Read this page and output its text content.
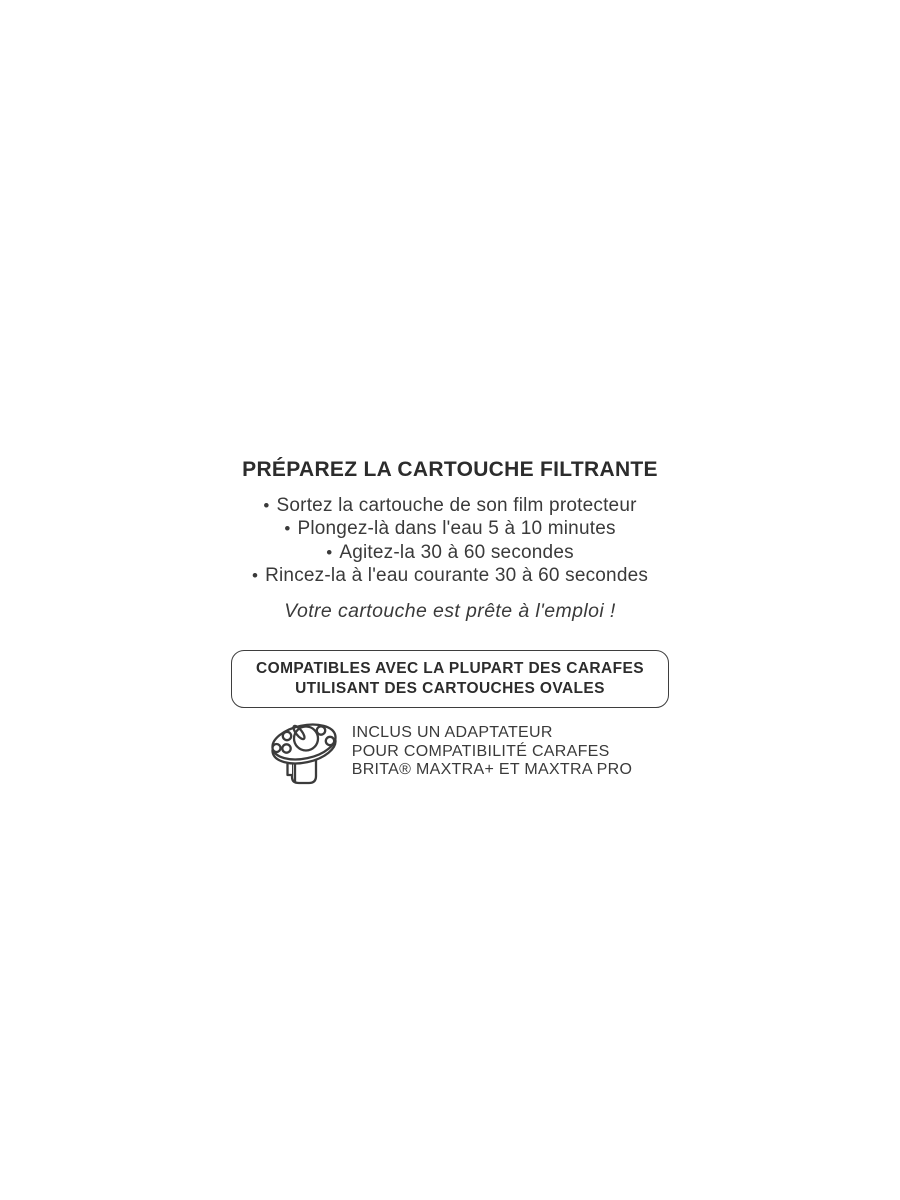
PRÉPAREZ LA CARTOUCHE FILTRANTE
• Sortez la cartouche de son film protecteur
• Plongez-là dans l'eau 5 à 10 minutes
• Agitez-la 30 à 60 secondes
• Rincez-la à l'eau courante 30 à 60 secondes
Votre cartouche est prête à l'emploi !
COMPATIBLES AVEC LA PLUPART DES CARAFES
UTILISANT DES CARTOUCHES OVALES
INCLUS UN ADAPTATEUR
POUR COMPATIBILITÉ CARAFES
BRITA® MAXTRA+ ET MAXTRA PRO
